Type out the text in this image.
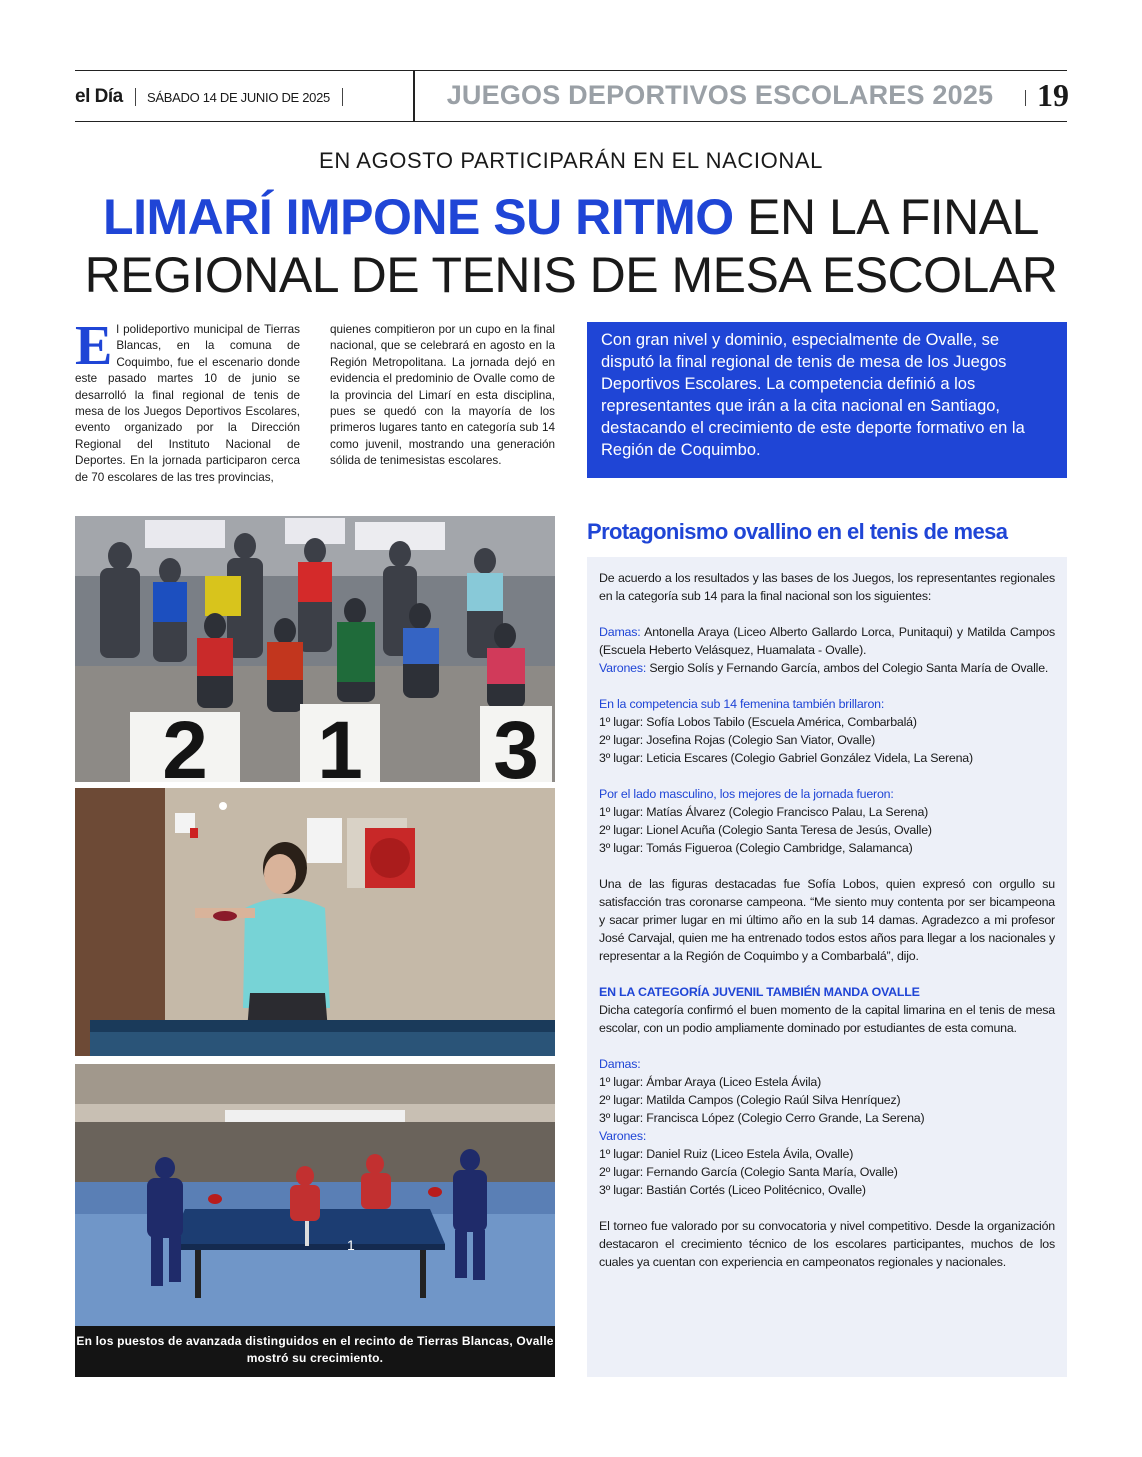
el Día SÁBADO 14 DE JUNIO DE 2025	JUEGOS DEPORTIVOS ESCOLARES 2025	19
EN AGOSTO PARTICIPARÁN EN EL NACIONAL
LIMARÍ IMPONE SU RITMO EN LA FINAL
REGIONAL DE TENIS DE MESA ESCOLAR
El polideportivo municipal de Tierras Blancas, en la comuna de Coquimbo, fue el escenario donde este pasado martes 10 de junio se desarrolló la final regional de tenis de mesa de los Juegos Deportivos Escolares, evento organizado por la Dirección Regional del Instituto Nacional de Deportes. En la jornada participaron cerca de 70 escolares de las tres provincias,
quienes compitieron por un cupo en la final nacional, que se celebrará en agosto en la Región Metropolitana. La jornada dejó en evidencia el predominio de Ovalle como de la provincia del Limarí en esta disciplina, pues se quedó con la mayoría de los primeros lugares tanto en categoría sub 14 como juvenil, mostrando una generación sólida de tenimesistas escolares.
Con gran nivel y dominio, especialmente de Ovalle, se disputó la final regional de tenis de mesa de los Juegos Deportivos Escolares. La competencia definió a los representantes que irán a la cita nacional en Santiago, destacando el crecimiento de este deporte formativo en la Región de Coquimbo.
2 1 3
1
En los puestos de avanzada distinguidos en el recinto de Tierras Blancas, Ovalle mostró su crecimiento.
Protagonismo ovallino en el tenis de mesa

De acuerdo a los resultados y las bases de los Juegos, los representantes regionales en la categoría sub 14 para la final nacional son los siguientes:

Damas: Antonella Araya (Liceo Alberto Gallardo Lorca, Punitaqui) y Matilda Campos (Escuela Heberto Velásquez, Huamalata - Ovalle).

Varones: Sergio Solís y Fernando García, ambos del Colegio Santa María de Ovalle.

En la competencia sub 14 femenina también brillaron:

1º lugar: Sofía Lobos Tabilo (Escuela América, Combarbalá)

2º lugar: Josefina Rojas (Colegio San Viator, Ovalle)

3º lugar: Leticia Escares (Colegio Gabriel González Videla, La Serena)

Por el lado masculino, los mejores de la jornada fueron:

1º lugar: Matías Álvarez (Colegio Francisco Palau, La Serena)

2º lugar: Lionel Acuña (Colegio Santa Teresa de Jesús, Ovalle)

3º lugar: Tomás Figueroa (Colegio Cambridge, Salamanca)

Una de las figuras destacadas fue Sofía Lobos, quien expresó con orgullo su satisfacción tras coronarse campeona. “Me siento muy contenta por ser bicampeona y sacar primer lugar en mi último año en la sub 14 damas. Agradezco a mi profesor José Carvajal, quien me ha entrenado todos estos años para llegar a los nacionales y representar a la Región de Coquimbo y a Combarbalá”, dijo.

EN LA CATEGORÍA JUVENIL TAMBIÉN MANDA OVALLE

Dicha categoría confirmó el buen momento de la capital limarina en el tenis de mesa escolar, con un podio ampliamente dominado por estudiantes de esta comuna.

Damas:

1º lugar: Ámbar Araya (Liceo Estela Ávila)

2º lugar: Matilda Campos (Colegio Raúl Silva Henríquez)

3º lugar: Francisca López (Colegio Cerro Grande, La Serena)

Varones:

1º lugar: Daniel Ruiz (Liceo Estela Ávila, Ovalle)

2º lugar: Fernando García (Colegio Santa María, Ovalle)

3º lugar: Bastián Cortés (Liceo Politécnico, Ovalle)

El torneo fue valorado por su convocatoria y nivel competitivo. Desde la organización destacaron el crecimiento técnico de los escolares participantes, muchos de los cuales ya cuentan con experiencia en campeonatos regionales y nacionales.
